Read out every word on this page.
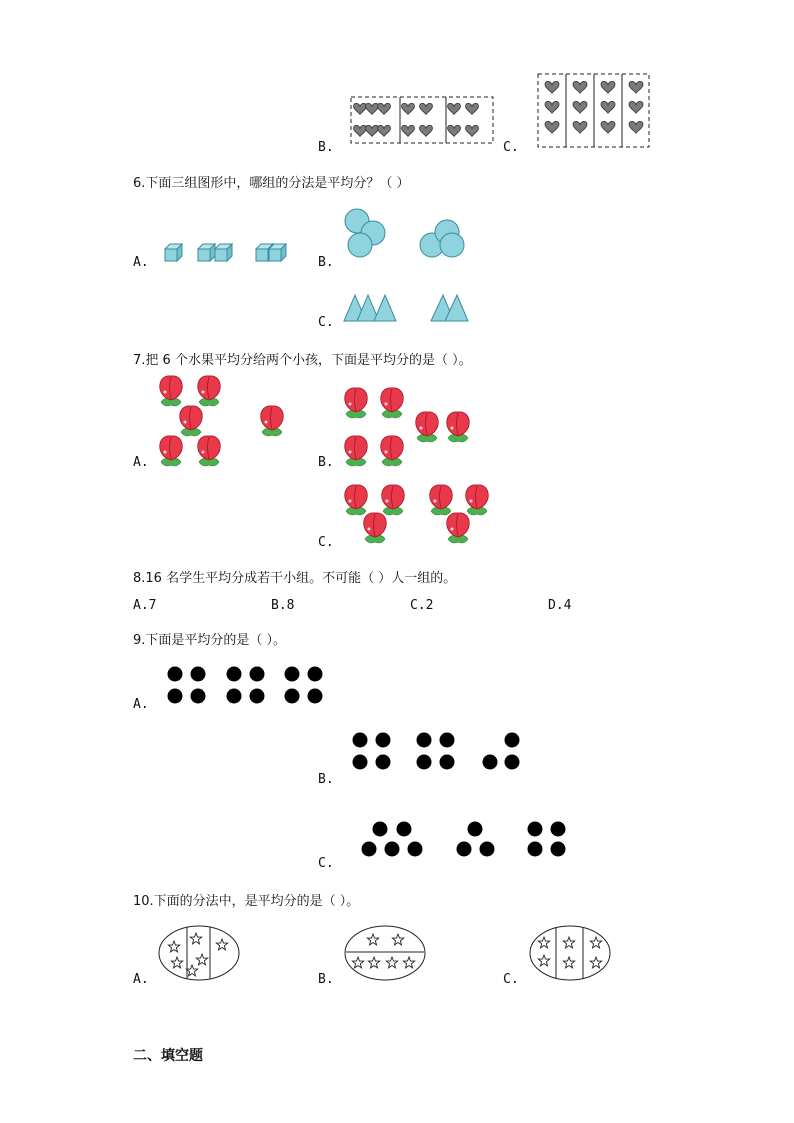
B.	C.
6.下面三组图形中，哪组的分法是平均分？（ ）
A.	B.
C.
7.把 6 个水果平均分给两个小孩，下面是平均分的是（ ）。
A.	B.
C.
8.16 名学生平均分成若干小组。不可能（ ）人一组的。
A.7	B.8	C.2	D.4
9.下面是平均分的是（ ）。
A.
B.
C.
10.下面的分法中，是平均分的是（ ）。
A.	B.	C.
二、填空题
